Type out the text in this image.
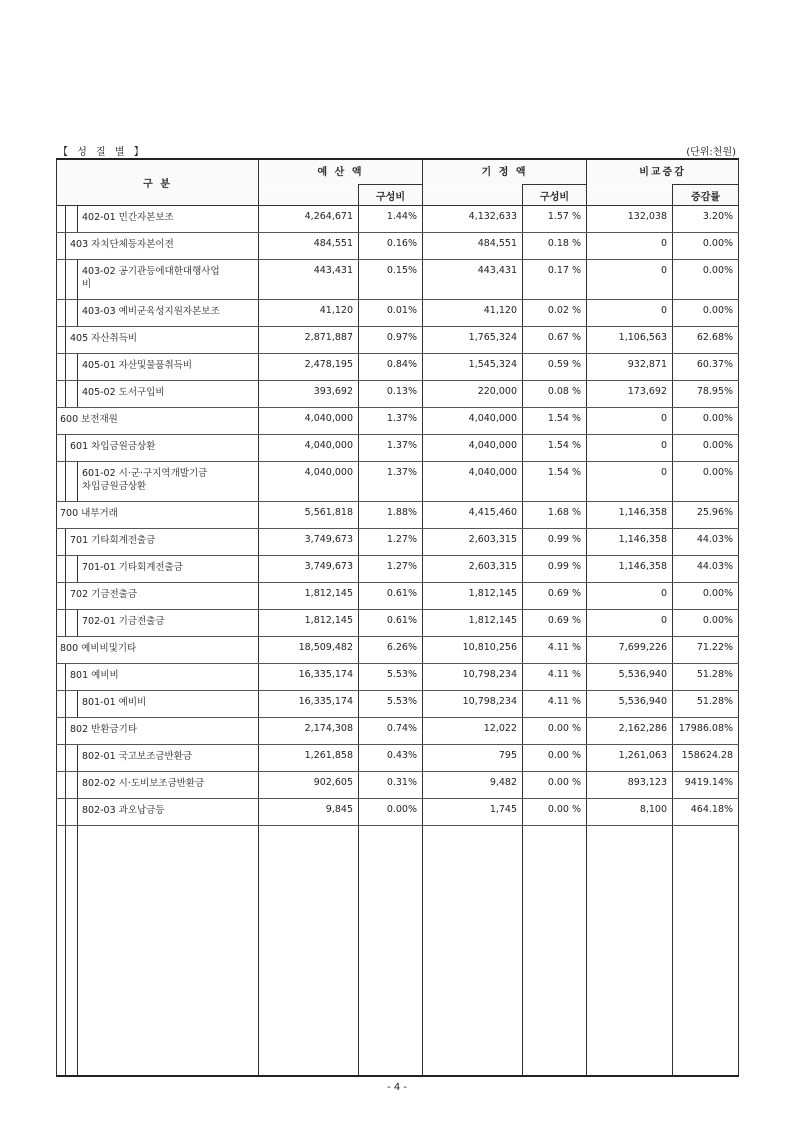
【 성 질 별 】	(단위:천원)
구 분	예 산 액		기 정 액		비교증감	
		구성비		구성비		증감률

402-01 민간자본보조	4,264,671	1.44%	4,132,633	1.57 %	132,038	3.20%

403 자치단체등자본이전	484,551	0.16%	484,551	0.18 %	0	0.00%

403-02 공기관등에대한대행사업
비	443,431	0.15%	443,431	0.17 %	0	0.00%

403-03 예비군육성지원자본보조	41,120	0.01%	41,120	0.02 %	0	0.00%

405 자산취득비	2,871,887	0.97%	1,765,324	0.67 %	1,106,563	62.68%

405-01 자산및물품취득비	2,478,195	0.84%	1,545,324	0.59 %	932,871	60.37%

405-02 도서구입비	393,692	0.13%	220,000	0.08 %	173,692	78.95%

600 보전재원	4,040,000	1.37%	4,040,000	1.54 %	0	0.00%

601 차입금원금상환	4,040,000	1.37%	4,040,000	1.54 %	0	0.00%

601-02 시·군·구지역개발기금
차입금원금상환	4,040,000	1.37%	4,040,000	1.54 %	0	0.00%

700 내부거래	5,561,818	1.88%	4,415,460	1.68 %	1,146,358	25.96%

701 기타회계전출금	3,749,673	1.27%	2,603,315	0.99 %	1,146,358	44.03%

701-01 기타회계전출금	3,749,673	1.27%	2,603,315	0.99 %	1,146,358	44.03%

702 기금전출금	1,812,145	0.61%	1,812,145	0.69 %	0	0.00%

702-01 기금전출금	1,812,145	0.61%	1,812,145	0.69 %	0	0.00%

800 예비비및기타	18,509,482	6.26%	10,810,256	4.11 %	7,699,226	71.22%

801 예비비	16,335,174	5.53%	10,798,234	4.11 %	5,536,940	51.28%

801-01 예비비	16,335,174	5.53%	10,798,234	4.11 %	5,536,940	51.28%

802 반환금기타	2,174,308	0.74%	12,022	0.00 %	2,162,286	17986.08%

802-01 국고보조금반환금	1,261,858	0.43%	795	0.00 %	1,261,063	158624.28

802-02 시·도비보조금반환금	902,605	0.31%	9,482	0.00 %	893,123	9419.14%

802-03 과오납금등	9,845	0.00%	1,745	0.00 %	8,100	464.18%

- 4 -
